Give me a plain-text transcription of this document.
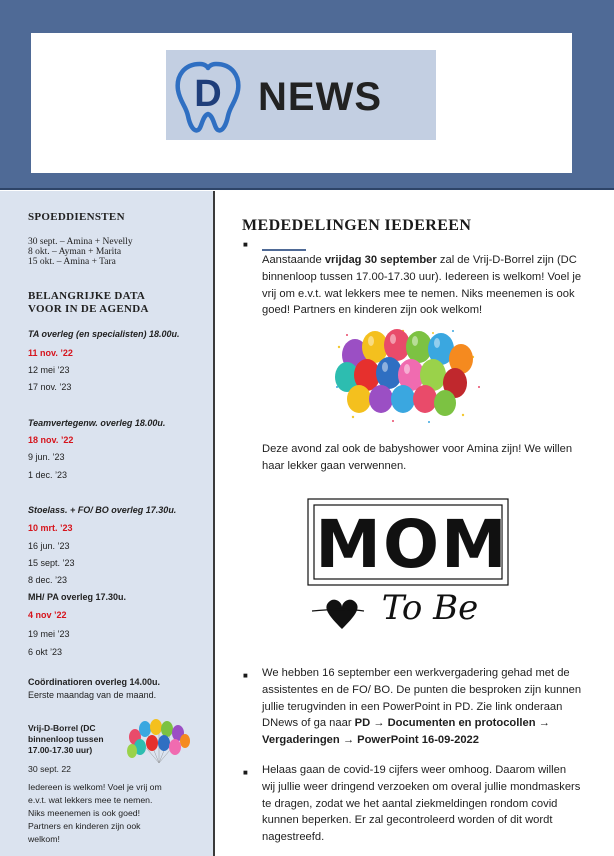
D NEWS
SPOEDDIENSTEN
30 sept. – Amina + Nevelly
8 okt. – Ayman + Marita
15 okt. – Amina + Tara
BELANGRIJKE DATA
VOOR IN DE AGENDA
TA overleg (en specialisten) 18.00u.
11 nov. ’22
12 mei ’23
17 nov. ’23
Teamvertegenw. overleg 18.00u.
18 nov. ’22
9 jun. ’23
1 dec. ’23
Stoelass. + FO/ BO overleg 17.30u.
10 mrt. ’23
16 jun. ’23
15 sept. ’23
8 dec. ’23
MH/ PA overleg 17.30u.
4 nov ’22
19 mei ’23
6 okt ’23
Coördinatioren overleg 14.00u.
Eerste maandag van de maand.
Vrij-D-Borrel (DC
binnenloop tussen
17.00-17.30 uur)
30 sept. 22
Iedereen is welkom! Voel je vrij om
e.v.t. wat lekkers mee te nemen.
Niks meenemen is ook goed!
Partners en kinderen zijn ook
welkom!
MEDEDELINGEN IEDEREEN
■
Aanstaande vrijdag 30 september zal de Vrij-D-Borrel zijn (DC binnenloop tussen 17.00-17.30 uur). Iedereen is welkom! Voel je vrij om e.v.t. wat lekkers mee te nemen. Niks meenemen is ook goed! Partners en kinderen zijn ook welkom!
Deze avond zal ook de babyshower voor Amina zijn! We willen haar lekker gaan verwennen.
MOM
To Be
■ We hebben 16 september een werkvergadering gehad met de assistentes en de FO/ BO. De punten die besproken zijn kunnen jullie terugvinden in een PowerPoint in PD. Zie link onderaan DNews of ga naar PD → Documenten en protocollen → Vergaderingen → PowerPoint 16-09-2022
■ Helaas gaan de covid-19 cijfers weer omhoog. Daarom willen wij jullie weer dringend verzoeken om overal jullie mondmaskers te dragen, zodat we het aantal ziekmeldingen rondom covid kunnen beperken. Er zal gecontroleerd worden of dit wordt nagestreefd.
